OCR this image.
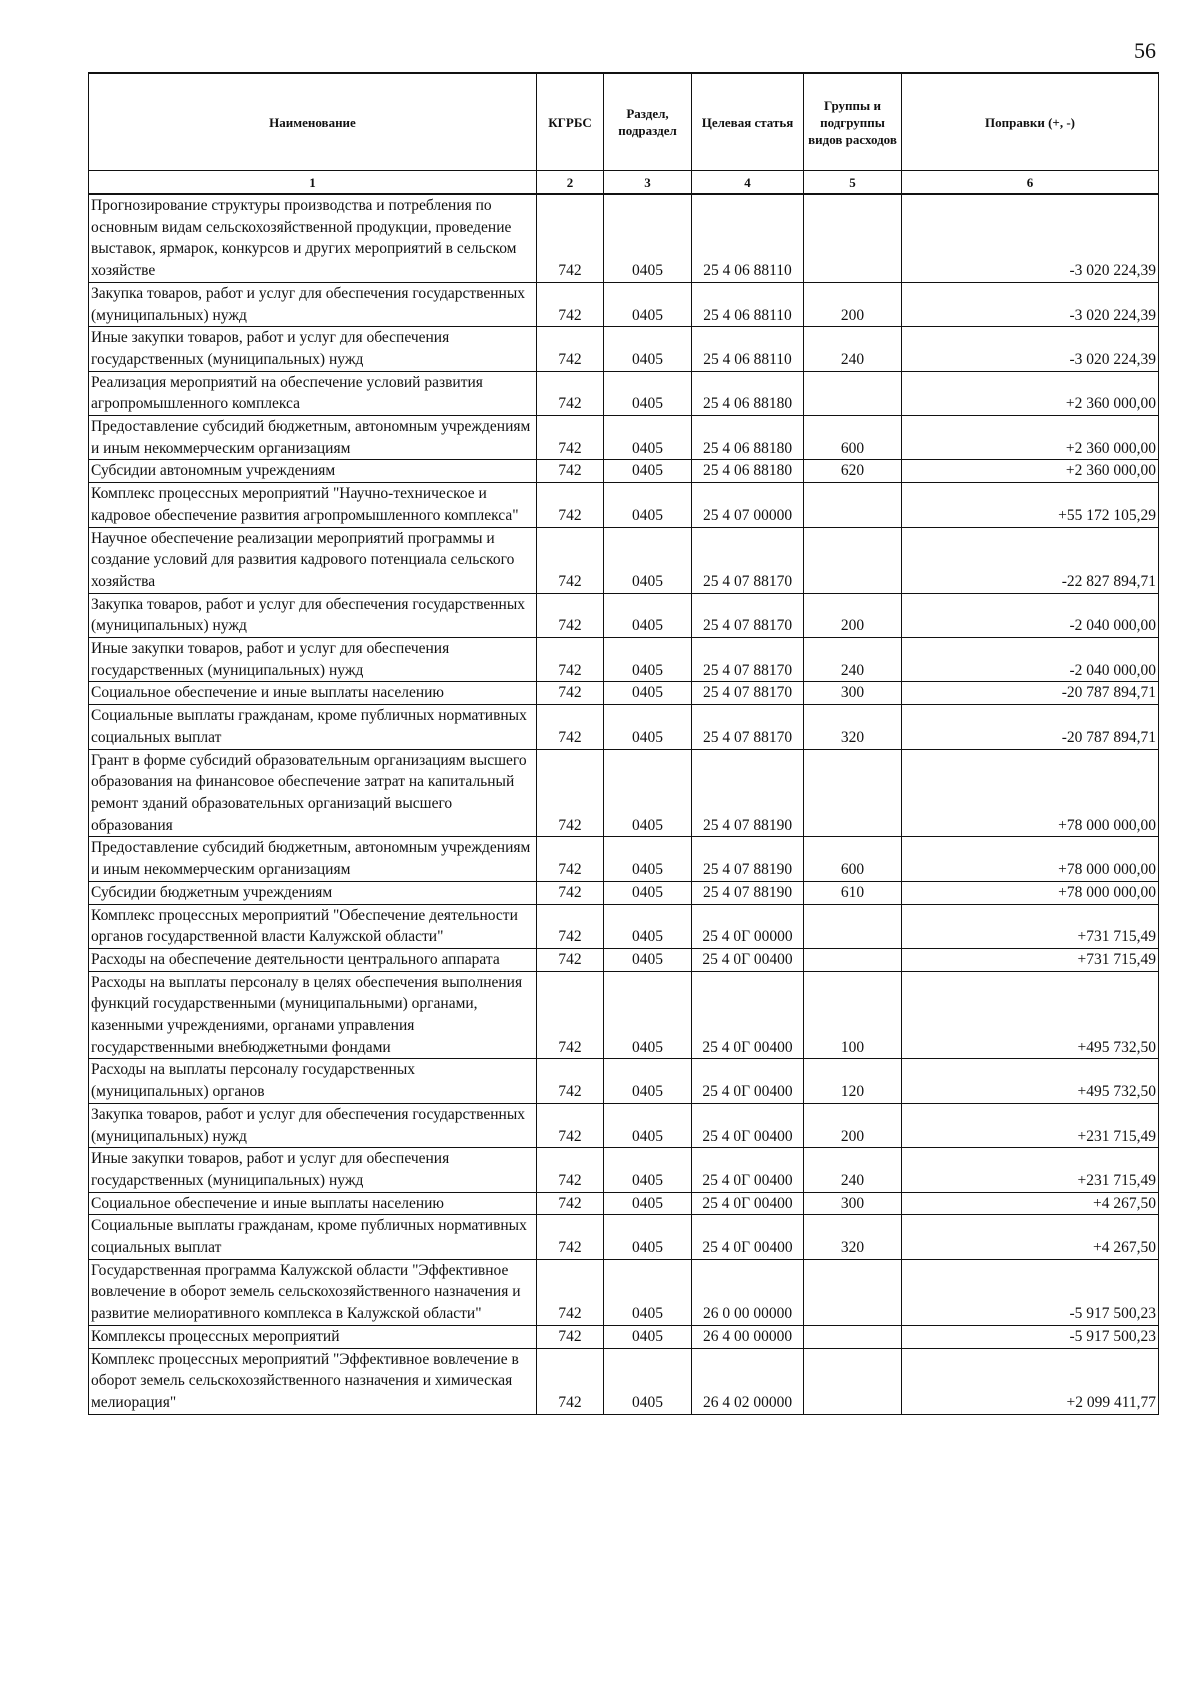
56
Наименование	КГРБС	Раздел, подраздел	Целевая статья	Группы и подгруппы видов расходов	Поправки (+, -)
1	2	3	4	5	6
Прогнозирование структуры производства и потребления по основным видам сельскохозяйственной продукции, проведение выставок, ярмарок, конкурсов и других мероприятий в сельском хозяйстве	742	0405	25 4 06 88110		-3 020 224,39
Закупка товаров, работ и услуг для обеспечения государственных (муниципальных) нужд	742	0405	25 4 06 88110	200	-3 020 224,39
Иные закупки товаров, работ и услуг для обеспечения государственных (муниципальных) нужд	742	0405	25 4 06 88110	240	-3 020 224,39
Реализация мероприятий на обеспечение условий развития агропромышленного комплекса	742	0405	25 4 06 88180		+2 360 000,00
Предоставление субсидий бюджетным, автономным учреждениям и иным некоммерческим организациям	742	0405	25 4 06 88180	600	+2 360 000,00
Субсидии автономным учреждениям	742	0405	25 4 06 88180	620	+2 360 000,00
Комплекс процессных мероприятий "Научно-техническое и кадровое обеспечение развития агропромышленного комплекса"	742	0405	25 4 07 00000		+55 172 105,29
Научное обеспечение реализации мероприятий программы и создание условий для развития кадрового потенциала сельского хозяйства	742	0405	25 4 07 88170		-22 827 894,71
Закупка товаров, работ и услуг для обеспечения государственных (муниципальных) нужд	742	0405	25 4 07 88170	200	-2 040 000,00
Иные закупки товаров, работ и услуг для обеспечения государственных (муниципальных) нужд	742	0405	25 4 07 88170	240	-2 040 000,00
Социальное обеспечение и иные выплаты населению	742	0405	25 4 07 88170	300	-20 787 894,71
Социальные выплаты гражданам, кроме публичных нормативных социальных выплат	742	0405	25 4 07 88170	320	-20 787 894,71
Грант в форме субсидий образовательным организациям высшего образования на финансовое обеспечение затрат на капитальный ремонт зданий образовательных организаций высшего образования	742	0405	25 4 07 88190		+78 000 000,00
Предоставление субсидий бюджетным, автономным учреждениям и иным некоммерческим организациям	742	0405	25 4 07 88190	600	+78 000 000,00
Субсидии бюджетным учреждениям	742	0405	25 4 07 88190	610	+78 000 000,00
Комплекс процессных мероприятий "Обеспечение деятельности органов государственной власти Калужской области"	742	0405	25 4 0Г 00000		+731 715,49
Расходы на обеспечение деятельности центрального аппарата	742	0405	25 4 0Г 00400		+731 715,49
Расходы на выплаты персоналу в целях обеспечения выполнения функций государственными (муниципальными) органами, казенными учреждениями, органами управления государственными внебюджетными фондами	742	0405	25 4 0Г 00400	100	+495 732,50
Расходы на выплаты персоналу государственных (муниципальных) органов	742	0405	25 4 0Г 00400	120	+495 732,50
Закупка товаров, работ и услуг для обеспечения государственных (муниципальных) нужд	742	0405	25 4 0Г 00400	200	+231 715,49
Иные закупки товаров, работ и услуг для обеспечения государственных (муниципальных) нужд	742	0405	25 4 0Г 00400	240	+231 715,49
Социальное обеспечение и иные выплаты населению	742	0405	25 4 0Г 00400	300	+4 267,50
Социальные выплаты гражданам, кроме публичных нормативных социальных выплат	742	0405	25 4 0Г 00400	320	+4 267,50
Государственная программа Калужской области "Эффективное вовлечение в оборот земель сельскохозяйственного назначения и развитие мелиоративного комплекса в Калужской области"	742	0405	26 0 00 00000		-5 917 500,23
Комплексы процессных мероприятий	742	0405	26 4 00 00000		-5 917 500,23
Комплекс процессных мероприятий "Эффективное вовлечение в оборот земель сельскохозяйственного назначения и химическая мелиорация"	742	0405	26 4 02 00000		+2 099 411,77
